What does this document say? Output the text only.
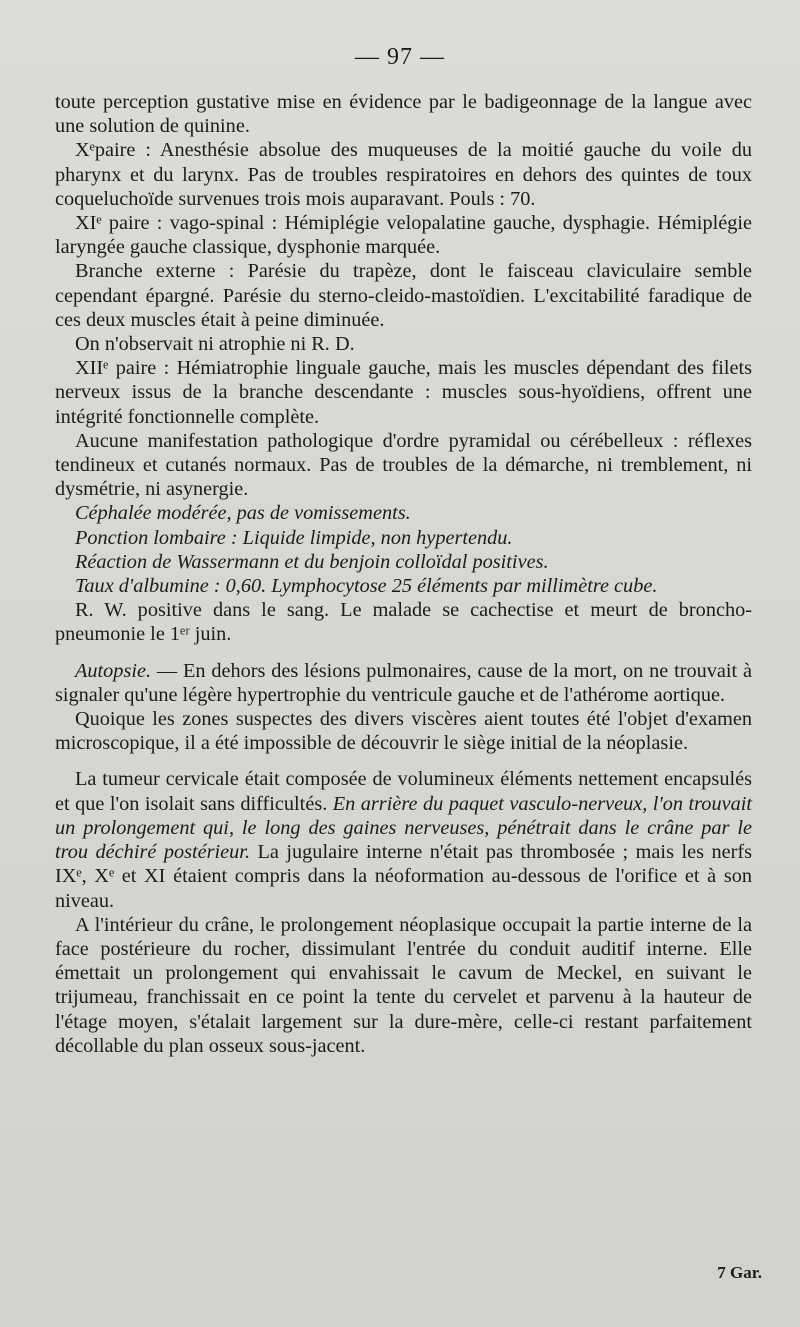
— 97 —

toute perception gustative mise en évidence par le badigeonnage de la langue avec une solution de quinine.

Xᵉpaire : Anesthésie absolue des muqueuses de la moitié gauche du voile du pharynx et du larynx. Pas de troubles respiratoires en dehors des quintes de toux coqueluchoïde survenues trois mois auparavant. Pouls : 70.

XIᵉ paire : vago-spinal : Hémiplégie velopalatine gauche, dysphagie. Hémiplégie laryngée gauche classique, dysphonie marquée.

Branche externe : Parésie du trapèze, dont le faisceau claviculaire semble cependant épargné. Parésie du sterno-cleido-mastoïdien. L'excitabilité faradique de ces deux muscles était à peine diminuée.

On n'observait ni atrophie ni R. D.

XIIᵉ paire : Hémiatrophie linguale gauche, mais les muscles dépendant des filets nerveux issus de la branche descendante : muscles sous-hyoïdiens, offrent une intégrité fonctionnelle complète.

Aucune manifestation pathologique d'ordre pyramidal ou cérébelleux : réflexes tendineux et cutanés normaux. Pas de troubles de la démarche, ni tremblement, ni dysmétrie, ni asynergie.

Céphalée modérée, pas de vomissements.

Ponction lombaire : Liquide limpide, non hypertendu.

Réaction de Wassermann et du benjoin colloïdal positives.

Taux d'albumine : 0,60. Lymphocytose 25 éléments par millimètre cube.

R. W. positive dans le sang. Le malade se cachectise et meurt de broncho-pneumonie le 1ᵉʳ juin.

Autopsie. — En dehors des lésions pulmonaires, cause de la mort, on ne trouvait à signaler qu'une légère hypertrophie du ventricule gauche et de l'athérome aortique.

Quoique les zones suspectes des divers viscères aient toutes été l'objet d'examen microscopique, il a été impossible de découvrir le siège initial de la néoplasie.

La tumeur cervicale était composée de volumineux éléments nettement encapsulés et que l'on isolait sans difficultés. En arrière du paquet vasculo-nerveux, l'on trouvait un prolongement qui, le long des gaines nerveuses, pénétrait dans le crâne par le trou déchiré postérieur. La jugulaire interne n'était pas thrombosée ; mais les nerfs IXᵉ, Xᵉ et XI étaient compris dans la néoformation au-dessous de l'orifice et à son niveau.

A l'intérieur du crâne, le prolongement néoplasique occupait la partie interne de la face postérieure du rocher, dissimulant l'entrée du conduit auditif interne. Elle émettait un prolongement qui envahissait le cavum de Meckel, en suivant le trijumeau, franchissait en ce point la tente du cervelet et parvenu à la hauteur de l'étage moyen, s'étalait largement sur la dure-mère, celle-ci restant parfaitement décollable du plan osseux sous-jacent.

7 Gar.
